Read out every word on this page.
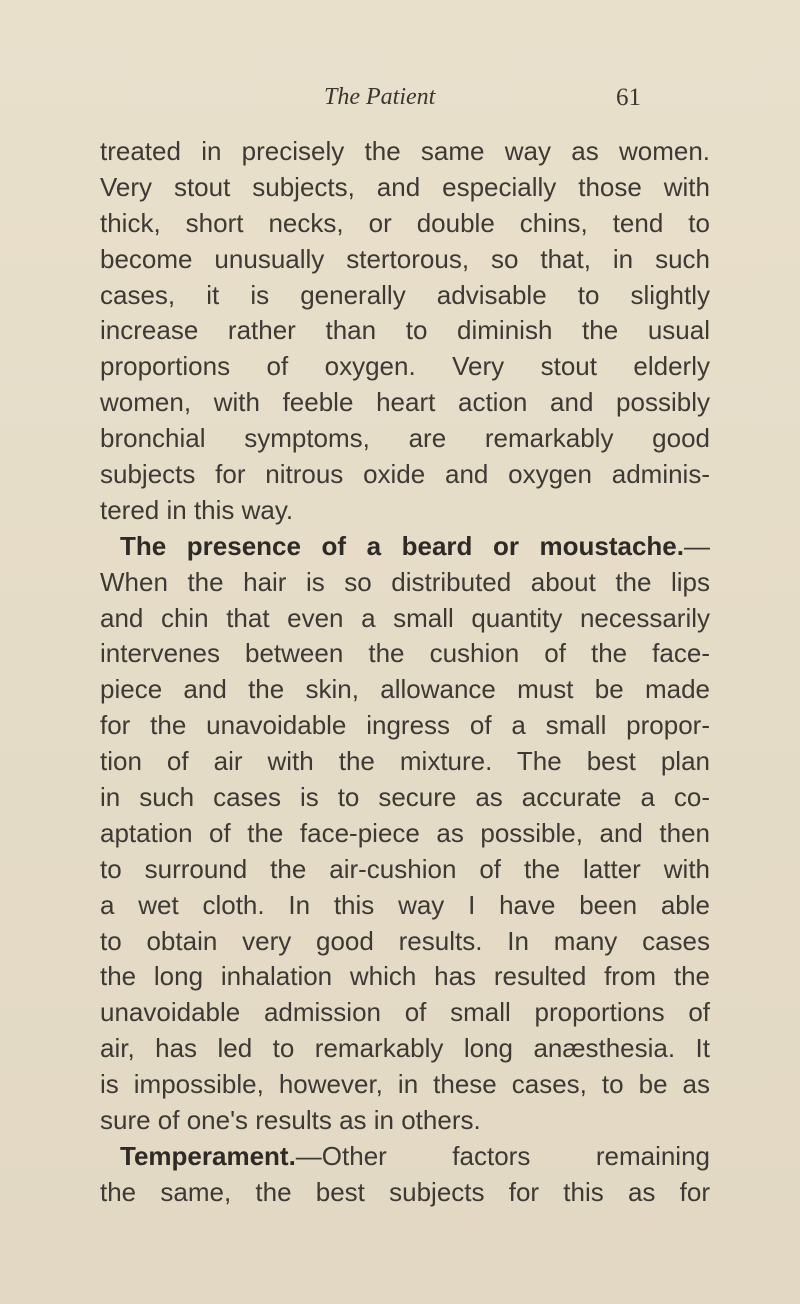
The Patient	61
treated in precisely the same way as women.
Very stout subjects, and especially those with
thick, short necks, or double chins, tend to
become unusually stertorous, so that, in such
cases, it is generally advisable to slightly
increase rather than to diminish the usual
proportions of oxygen. Very stout elderly
women, with feeble heart action and possibly
bronchial symptoms, are remarkably good
subjects for nitrous oxide and oxygen adminis-
tered in this way.
The presence of a beard or moustache.—
When the hair is so distributed about the lips
and chin that even a small quantity necessarily
intervenes between the cushion of the face-
piece and the skin, allowance must be made
for the unavoidable ingress of a small propor-
tion of air with the mixture. The best plan
in such cases is to secure as accurate a co-
aptation of the face-piece as possible, and then
to surround the air-cushion of the latter with
a wet cloth. In this way I have been able
to obtain very good results. In many cases
the long inhalation which has resulted from the
unavoidable admission of small proportions of
air, has led to remarkably long anæsthesia. It
is impossible, however, in these cases, to be as
sure of one's results as in others.
Temperament.—Other factors remaining
the same, the best subjects for this as for
